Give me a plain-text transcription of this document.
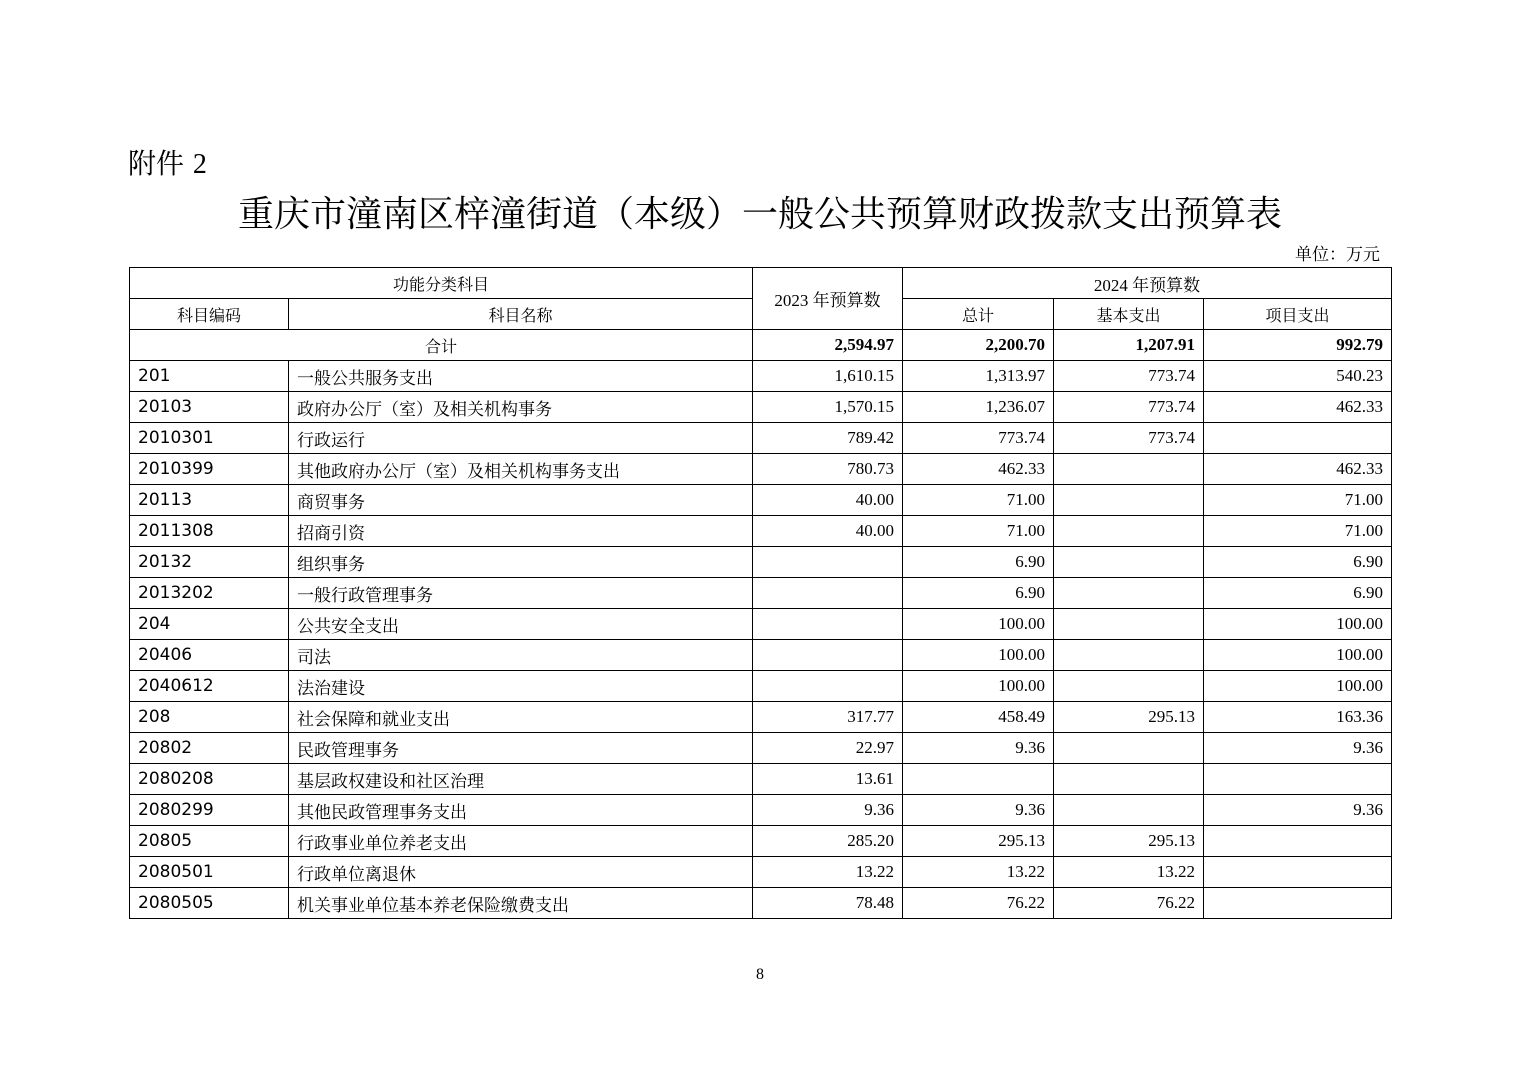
附件 2
重庆市潼南区梓潼街道（本级）一般公共预算财政拨款支出预算表
单位：万元
功能分类科目		2023 年预算数	2024 年预算数		
科目编码	科目名称		总计	基本支出	项目支出
合计		2,594.97	2,200.70	1,207.91	992.79
201	一般公共服务支出	1,610.15	1,313.97	773.74	540.23
20103	政府办公厅（室）及相关机构事务	1,570.15	1,236.07	773.74	462.33
2010301	行政运行	789.42	773.74	773.74	
2010399	其他政府办公厅（室）及相关机构事务支出	780.73	462.33		462.33
20113	商贸事务	40.00	71.00		71.00
2011308	招商引资	40.00	71.00		71.00
20132	组织事务		6.90		6.90
2013202	一般行政管理事务		6.90		6.90
204	公共安全支出		100.00		100.00
20406	司法		100.00		100.00
2040612	法治建设		100.00		100.00
208	社会保障和就业支出	317.77	458.49	295.13	163.36
20802	民政管理事务	22.97	9.36		9.36
2080208	基层政权建设和社区治理	13.61			
2080299	其他民政管理事务支出	9.36	9.36		9.36
20805	行政事业单位养老支出	285.20	295.13	295.13	
2080501	行政单位离退休	13.22	13.22	13.22	
2080505	机关事业单位基本养老保险缴费支出	78.48	76.22	76.22	
8
